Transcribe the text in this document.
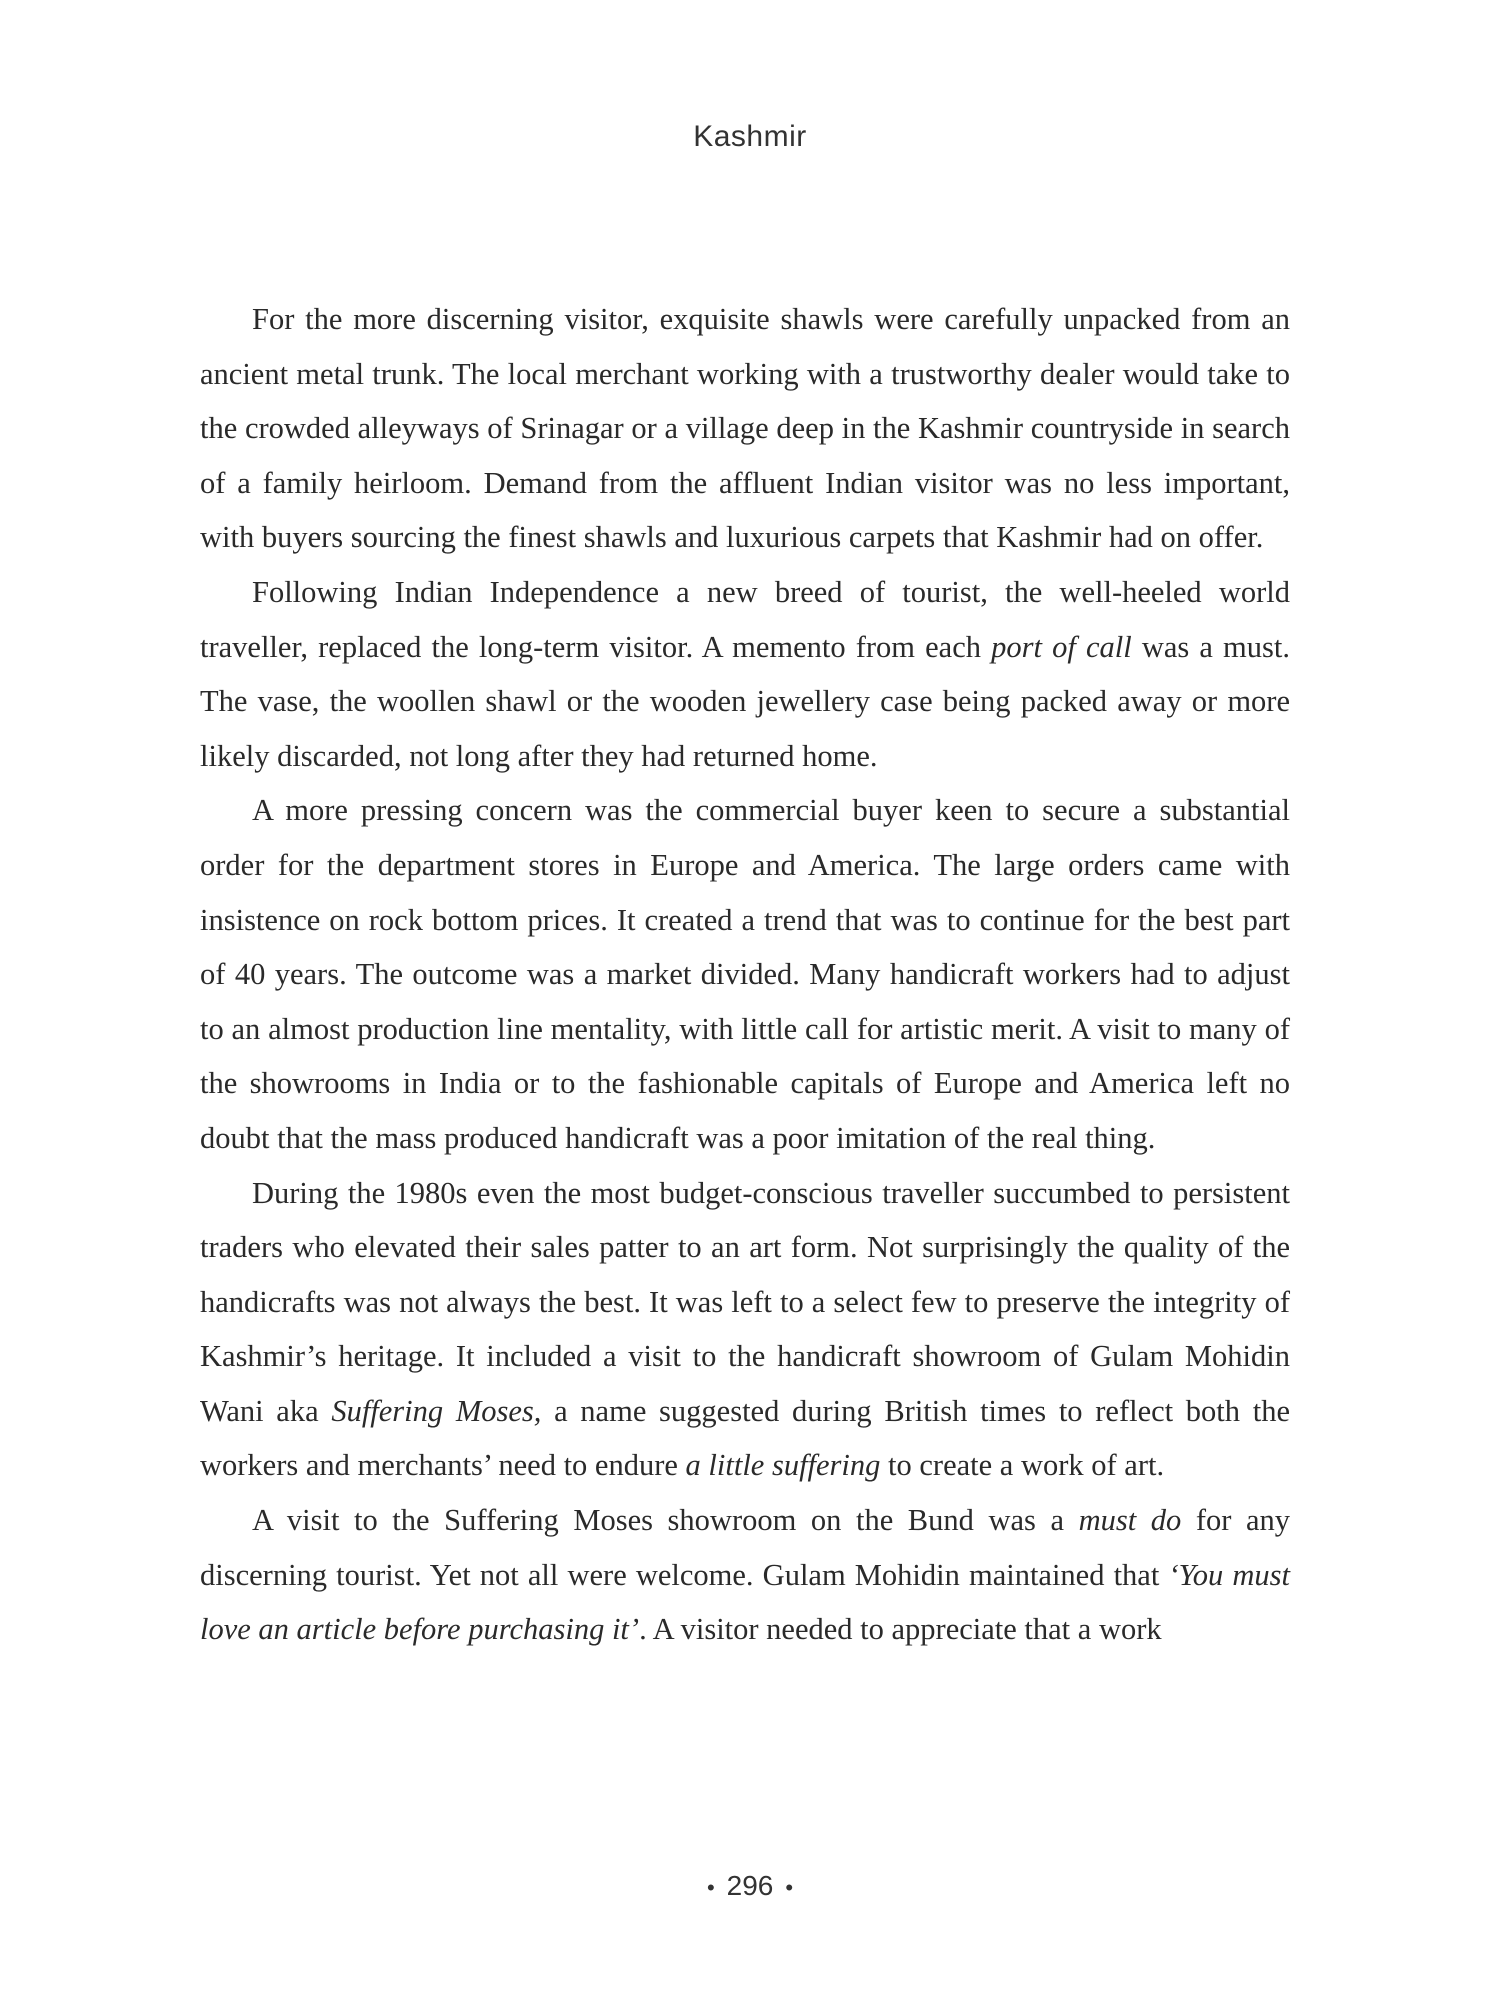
Kashmir

For the more discerning visitor, exquisite shawls were carefully unpacked from an ancient metal trunk. The local merchant working with a trustworthy dealer would take to the crowded alleyways of Srinagar or a village deep in the Kashmir countryside in search of a family heirloom. Demand from the affluent Indian visitor was no less important, with buyers sourcing the finest shawls and luxurious carpets that Kashmir had on offer.

Following Indian Independence a new breed of tourist, the well-heeled world traveller, replaced the long-term visitor. A memento from each port of call was a must. The vase, the woollen shawl or the wooden jewellery case being packed away or more likely discarded, not long after they had returned home.

A more pressing concern was the commercial buyer keen to secure a substantial order for the department stores in Europe and America. The large orders came with insistence on rock bottom prices. It created a trend that was to continue for the best part of 40 years. The outcome was a market divided. Many handicraft workers had to adjust to an almost production line mentality, with little call for artistic merit. A visit to many of the showrooms in India or to the fashionable capitals of Europe and America left no doubt that the mass produced handicraft was a poor imitation of the real thing.

During the 1980s even the most budget-conscious traveller succumbed to persistent traders who elevated their sales patter to an art form. Not surprisingly the quality of the handicrafts was not always the best. It was left to a select few to preserve the integrity of Kashmir’s heritage. It included a visit to the handicraft showroom of Gulam Mohidin Wani aka Suffering Moses, a name suggested during British times to reflect both the workers and merchants’ need to endure a little suffering to create a work of art.

A visit to the Suffering Moses showroom on the Bund was a must do for any discerning tourist. Yet not all were welcome. Gulam Mohidin maintained that ‘You must love an article before purchasing it’. A visitor needed to appreciate that a work

• 296 •
